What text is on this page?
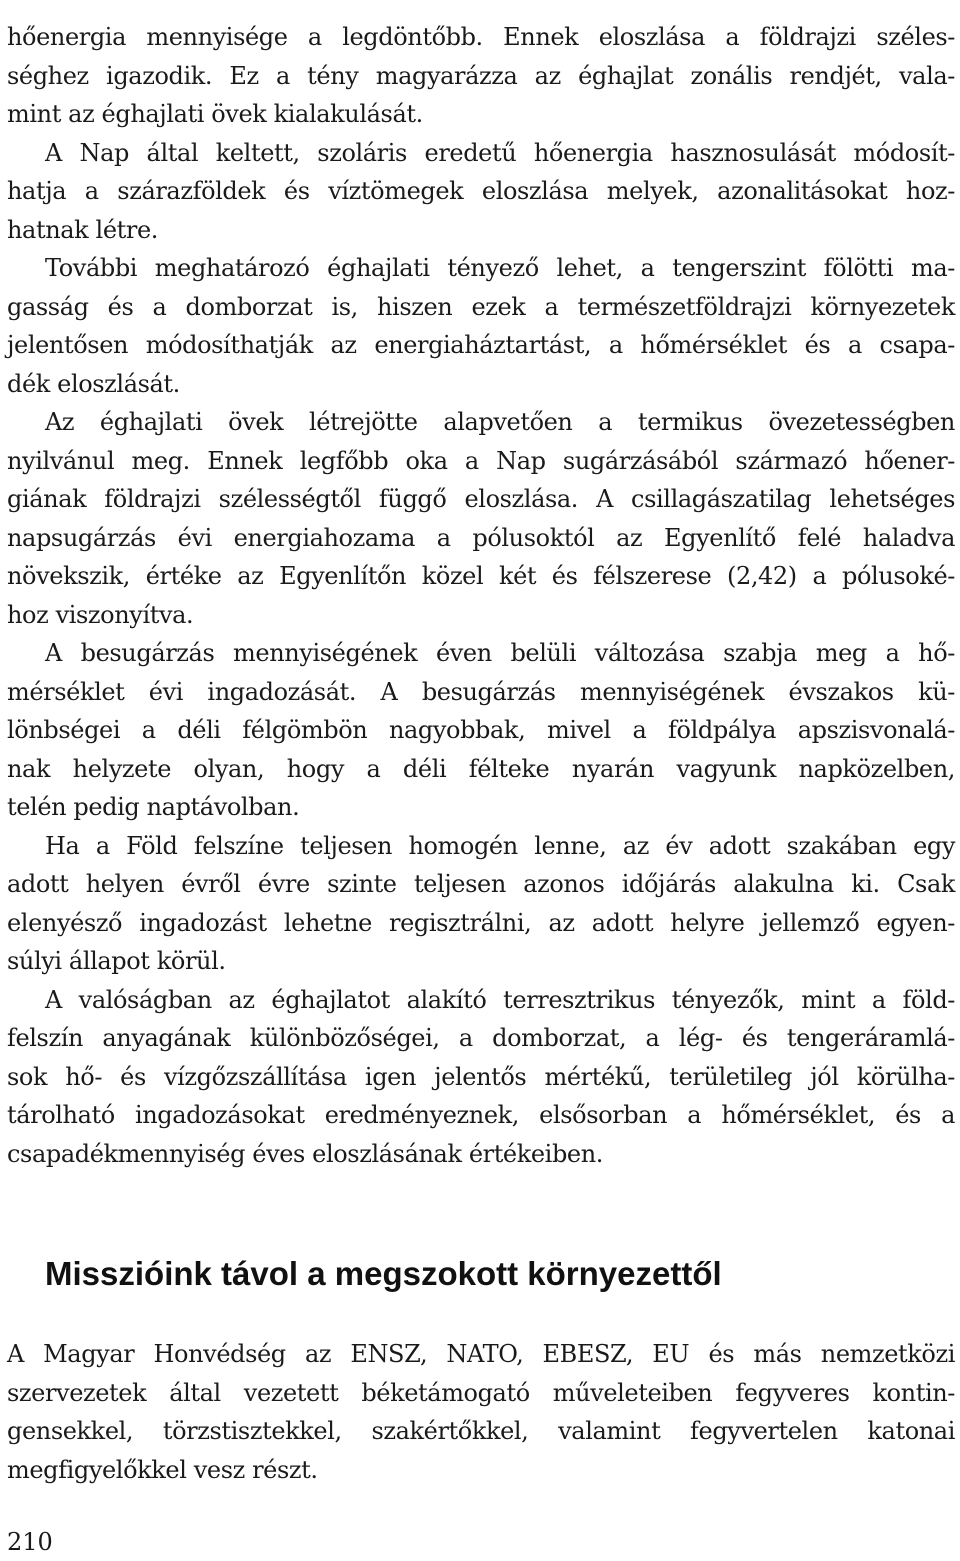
hőenergia mennyisége a legdöntőbb. Ennek eloszlása a földrajzi széles-
séghez igazodik. Ez a tény magyarázza az éghajlat zonális rendjét, vala-
mint az éghajlati övek kialakulását.
A Nap által keltett, szoláris eredetű hőenergia hasznosulását módosít-
hatja a szárazföldek és víztömegek eloszlása melyek, azonalitásokat hoz-
hatnak létre.
További meghatározó éghajlati tényező lehet, a tengerszint fölötti ma-
gasság és a domborzat is, hiszen ezek a természetföldrajzi környezetek
jelentősen módosíthatják az energiaháztartást, a hőmérséklet és a csapa-
dék eloszlását.
Az éghajlati övek létrejötte alapvetően a termikus övezetességben
nyilvánul meg. Ennek legfőbb oka a Nap sugárzásából származó hőener-
giának földrajzi szélességtől függő eloszlása. A csillagászatilag lehetséges
napsugárzás évi energiahozama a pólusoktól az Egyenlítő felé haladva
növekszik, értéke az Egyenlítőn közel két és félszerese (2,42) a pólusoké-
hoz viszonyítva.
A besugárzás mennyiségének éven belüli változása szabja meg a hő-
mérséklet évi ingadozását. A besugárzás mennyiségének évszakos kü-
lönbségei a déli félgömbön nagyobbak, mivel a földpálya apszisvonalá-
nak helyzete olyan, hogy a déli félteke nyarán vagyunk napközelben,
telén pedig naptávolban.
Ha a Föld felszíne teljesen homogén lenne, az év adott szakában egy
adott helyen évről évre szinte teljesen azonos időjárás alakulna ki. Csak
elenyésző ingadozást lehetne regisztrálni, az adott helyre jellemző egyen-
súlyi állapot körül.
A valóságban az éghajlatot alakító terresztrikus tényezők, mint a föld-
felszín anyagának különbözőségei, a domborzat, a lég- és tengeráramlá-
sok hő- és vízgőzszállítása igen jelentős mértékű, területileg jól körülha-
tárolható ingadozásokat eredményeznek, elsősorban a hőmérséklet, és a
csapadékmennyiség éves eloszlásának értékeiben.
Misszióink távol a megszokott környezettől
A Magyar Honvédség az ENSZ, NATO, EBESZ, EU és más nemzetközi
szervezetek által vezetett béketámogató műveleteiben fegyveres kontin-
gensekkel, törzstisztekkel, szakértőkkel, valamint fegyvertelen katonai
megfigyelőkkel vesz részt.
210
